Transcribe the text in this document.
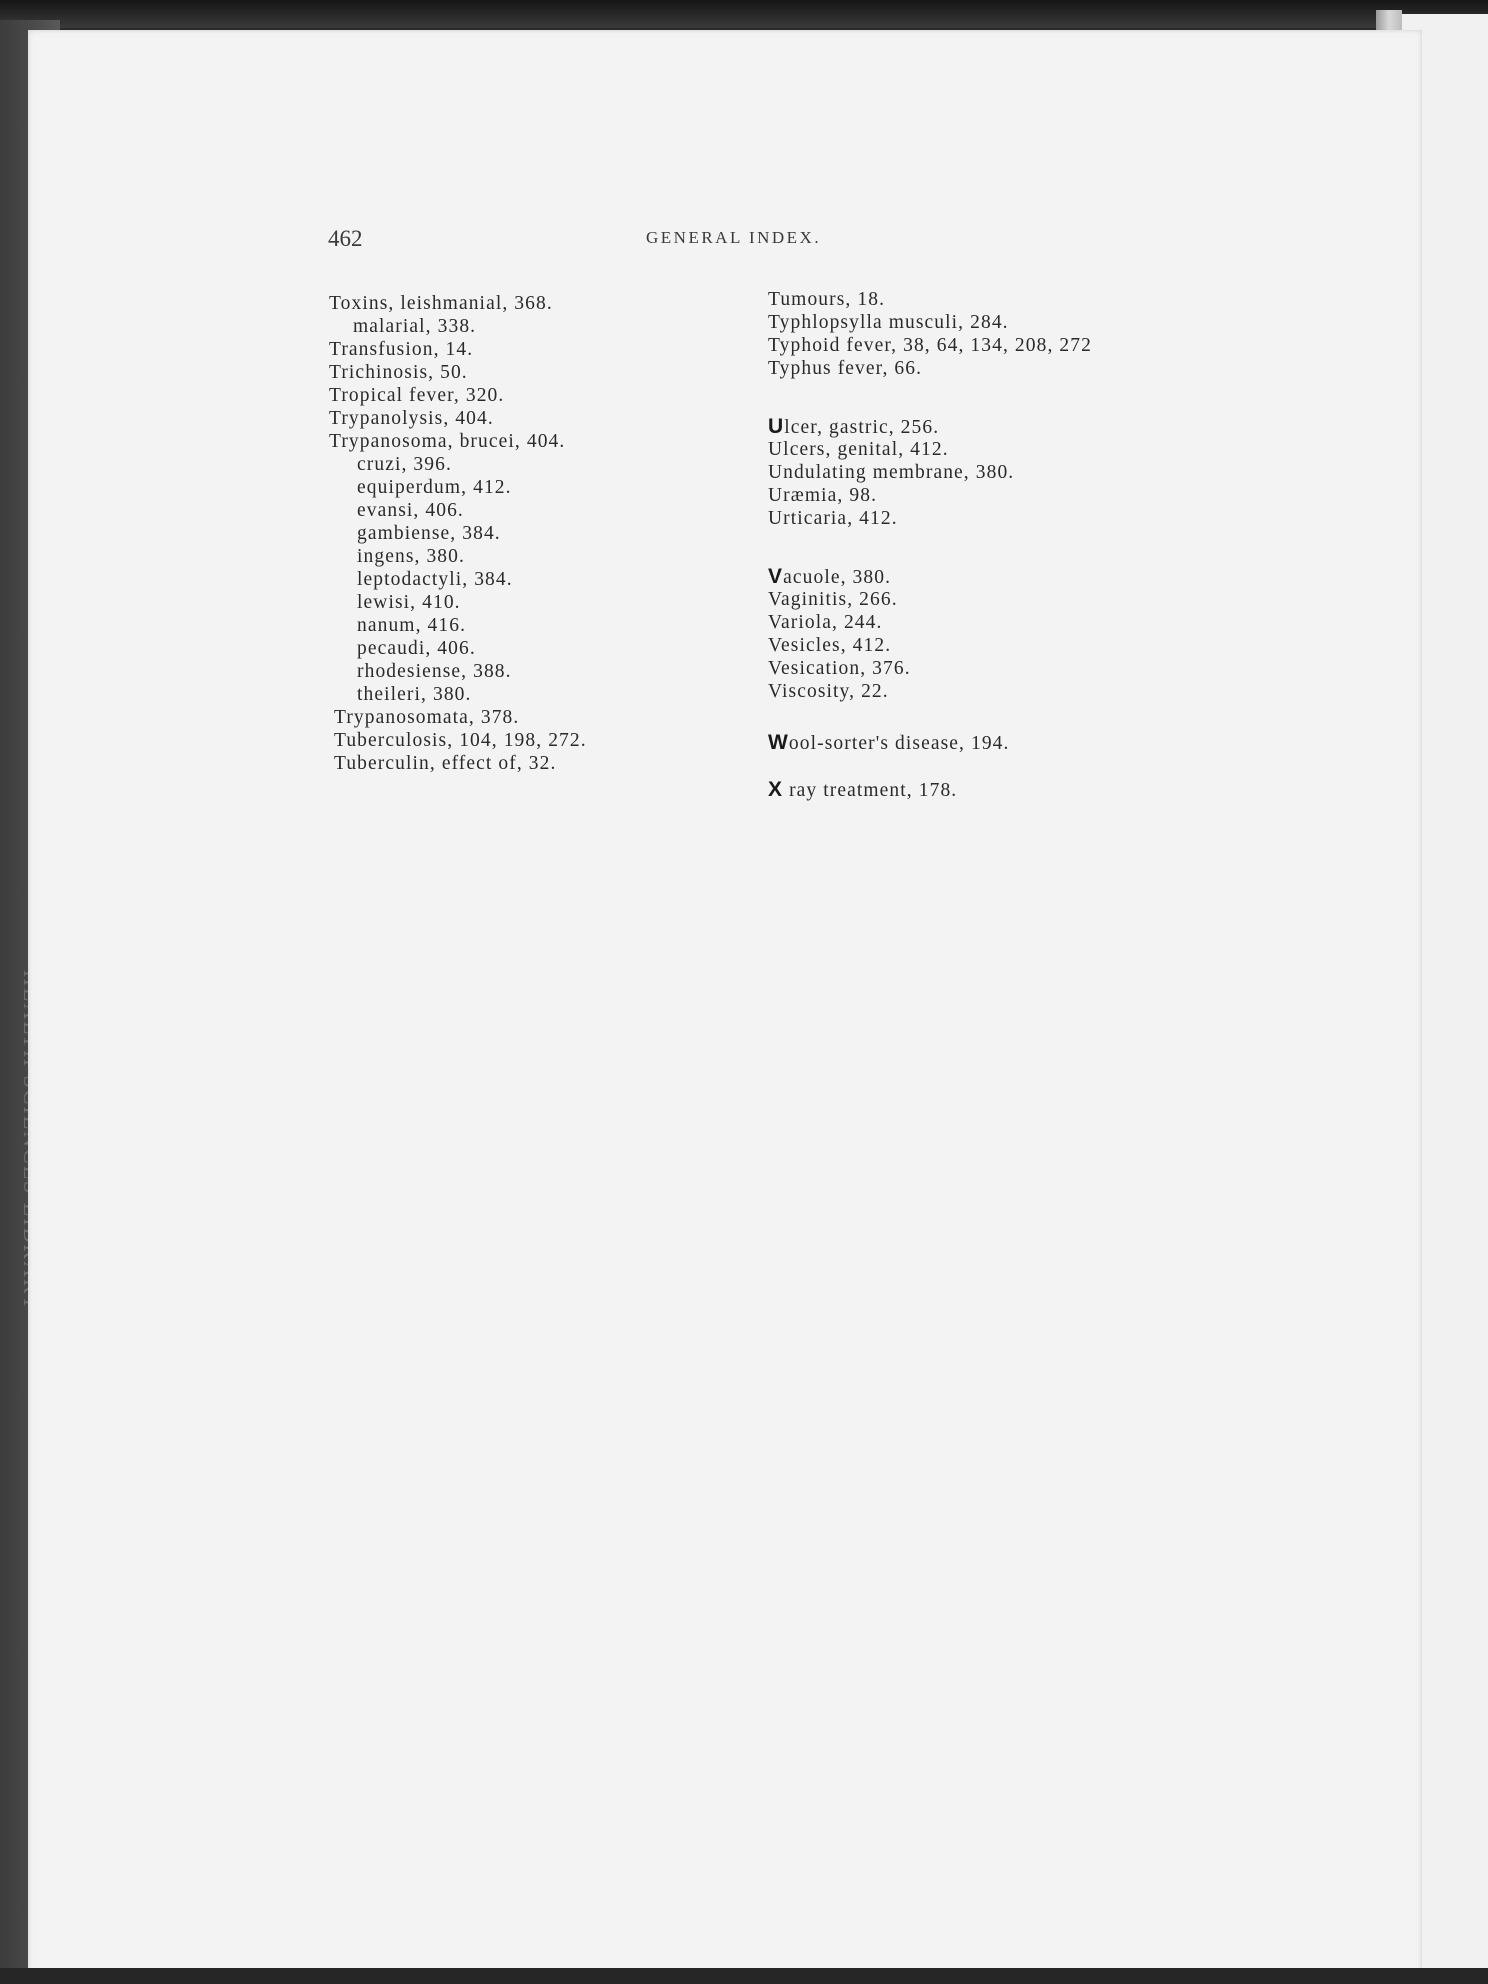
462	GENERAL INDEX.
Toxins, leishmanial, 368.
malarial, 338.
Transfusion, 14.
Trichinosis, 50.
Tropical fever, 320.
Trypanolysis, 404.
Trypanosoma, brucei, 404.
cruzi, 396.
equiperdum, 412.
evansi, 406.
gambiense, 384.
ingens, 380.
leptodactyli, 384.
lewisi, 410.
nanum, 416.
pecaudi, 406.
rhodesiense, 388.
theileri, 380.
Trypanosomata, 378.
Tuberculosis, 104, 198, 272.
Tuberculin, effect of, 32.
Tumours, 18.
Typhlopsylla musculi, 284.
Typhoid fever, 38, 64, 134, 208, 272
Typhus fever, 66.
Ulcer, gastric, 256.
Ulcers, genital, 412.
Undulating membrane, 380.
Uræmia, 98.
Urticaria, 412.
Vacuole, 380.
Vaginitis, 266.
Variola, 244.
Vesicles, 412.
Vesication, 376.
Viscosity, 22.
Wool-sorter's disease, 194.
X ray treatment, 178.
